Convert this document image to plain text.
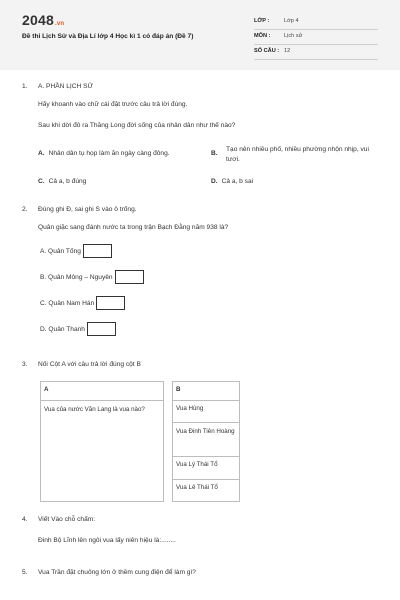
2048.vn
Đề thi Lịch Sử và Địa Lí lớp 4 Học kì 1 có đáp án (Đề 7)
LỚP :	Lớp 4
MÔN : Lịch sử
SỐ CÂU : 12
1. A. PHẦN LỊCH SỬ
Hãy khoanh vào chữ cái đặt trước câu trả lời đúng.
Sau khi dời đô ra Thăng Long đời sống của nhân dân như thế nào?
A. Nhân dân tụ họp làm ăn ngày càng đông.	B.
Tạo nên nhiều phố, nhiều phường nhộn nhịp, vui tươi.
C. Cả a, b đúng	D. Cả a, b sai
2. Đúng ghi Đ, sai ghi S vào ô trống.
Quân giặc sang đánh nước ta trong trận Bạch Đằng năm 938 là?
A. Quân Tống
B. Quân Mông – Nguyên
C. Quân Nam Hán
D. Quân Thanh
3. Nối Cột A với câu trả lời đúng cột B
A		B
Vua của nước Văn Lang là vua nào?		Vua Hùng
		Vua Đinh Tiên Hoàng
		Vua Lý Thái Tổ
		Vua Lê Thái Tổ
4. Viết Vào chỗ chấm:
Đinh Bộ Lĩnh lên ngôi vua lấy niên hiệu là:........
5. Vua Trần đặt chuông lớn ở thềm cung điện để làm gì?
